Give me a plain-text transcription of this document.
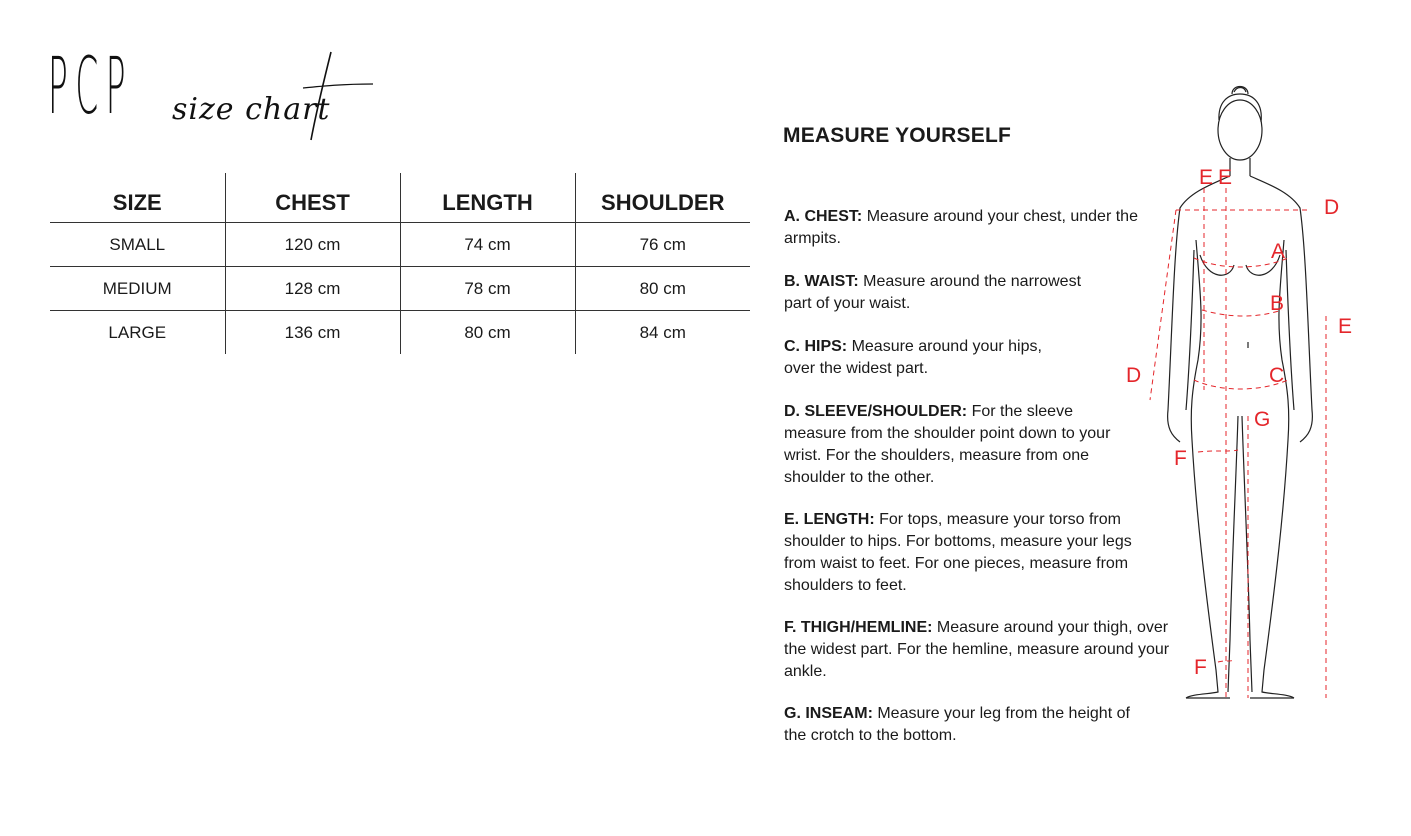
PCP size chart
SIZE	CHEST	LENGTH	SHOULDER
SMALL	120 cm	74 cm	76 cm
MEDIUM	128 cm	78 cm	80 cm
LARGE	136 cm	80 cm	84 cm
MEASURE YOURSELF
A. CHEST: Measure around your chest, under the armpits.
B. WAIST: Measure around the narrowest part of your waist.
C. HIPS: Measure around your hips, over the widest part.
D. SLEEVE/SHOULDER: For the sleeve measure from the shoulder point down to your wrist. For the shoulders, measure from one shoulder to the other.
E. LENGTH: For tops, measure your torso from shoulder to hips. For bottoms, measure your legs from waist to feet. For one pieces, measure from shoulders to feet.
F. THIGH/HEMLINE: Measure around your thigh, over the widest part. For the hemline, measure around your ankle.
G. INSEAM: Measure your leg from the height of the crotch to the bottom.
E E
D
A
B
E
D	C
G
F
F
